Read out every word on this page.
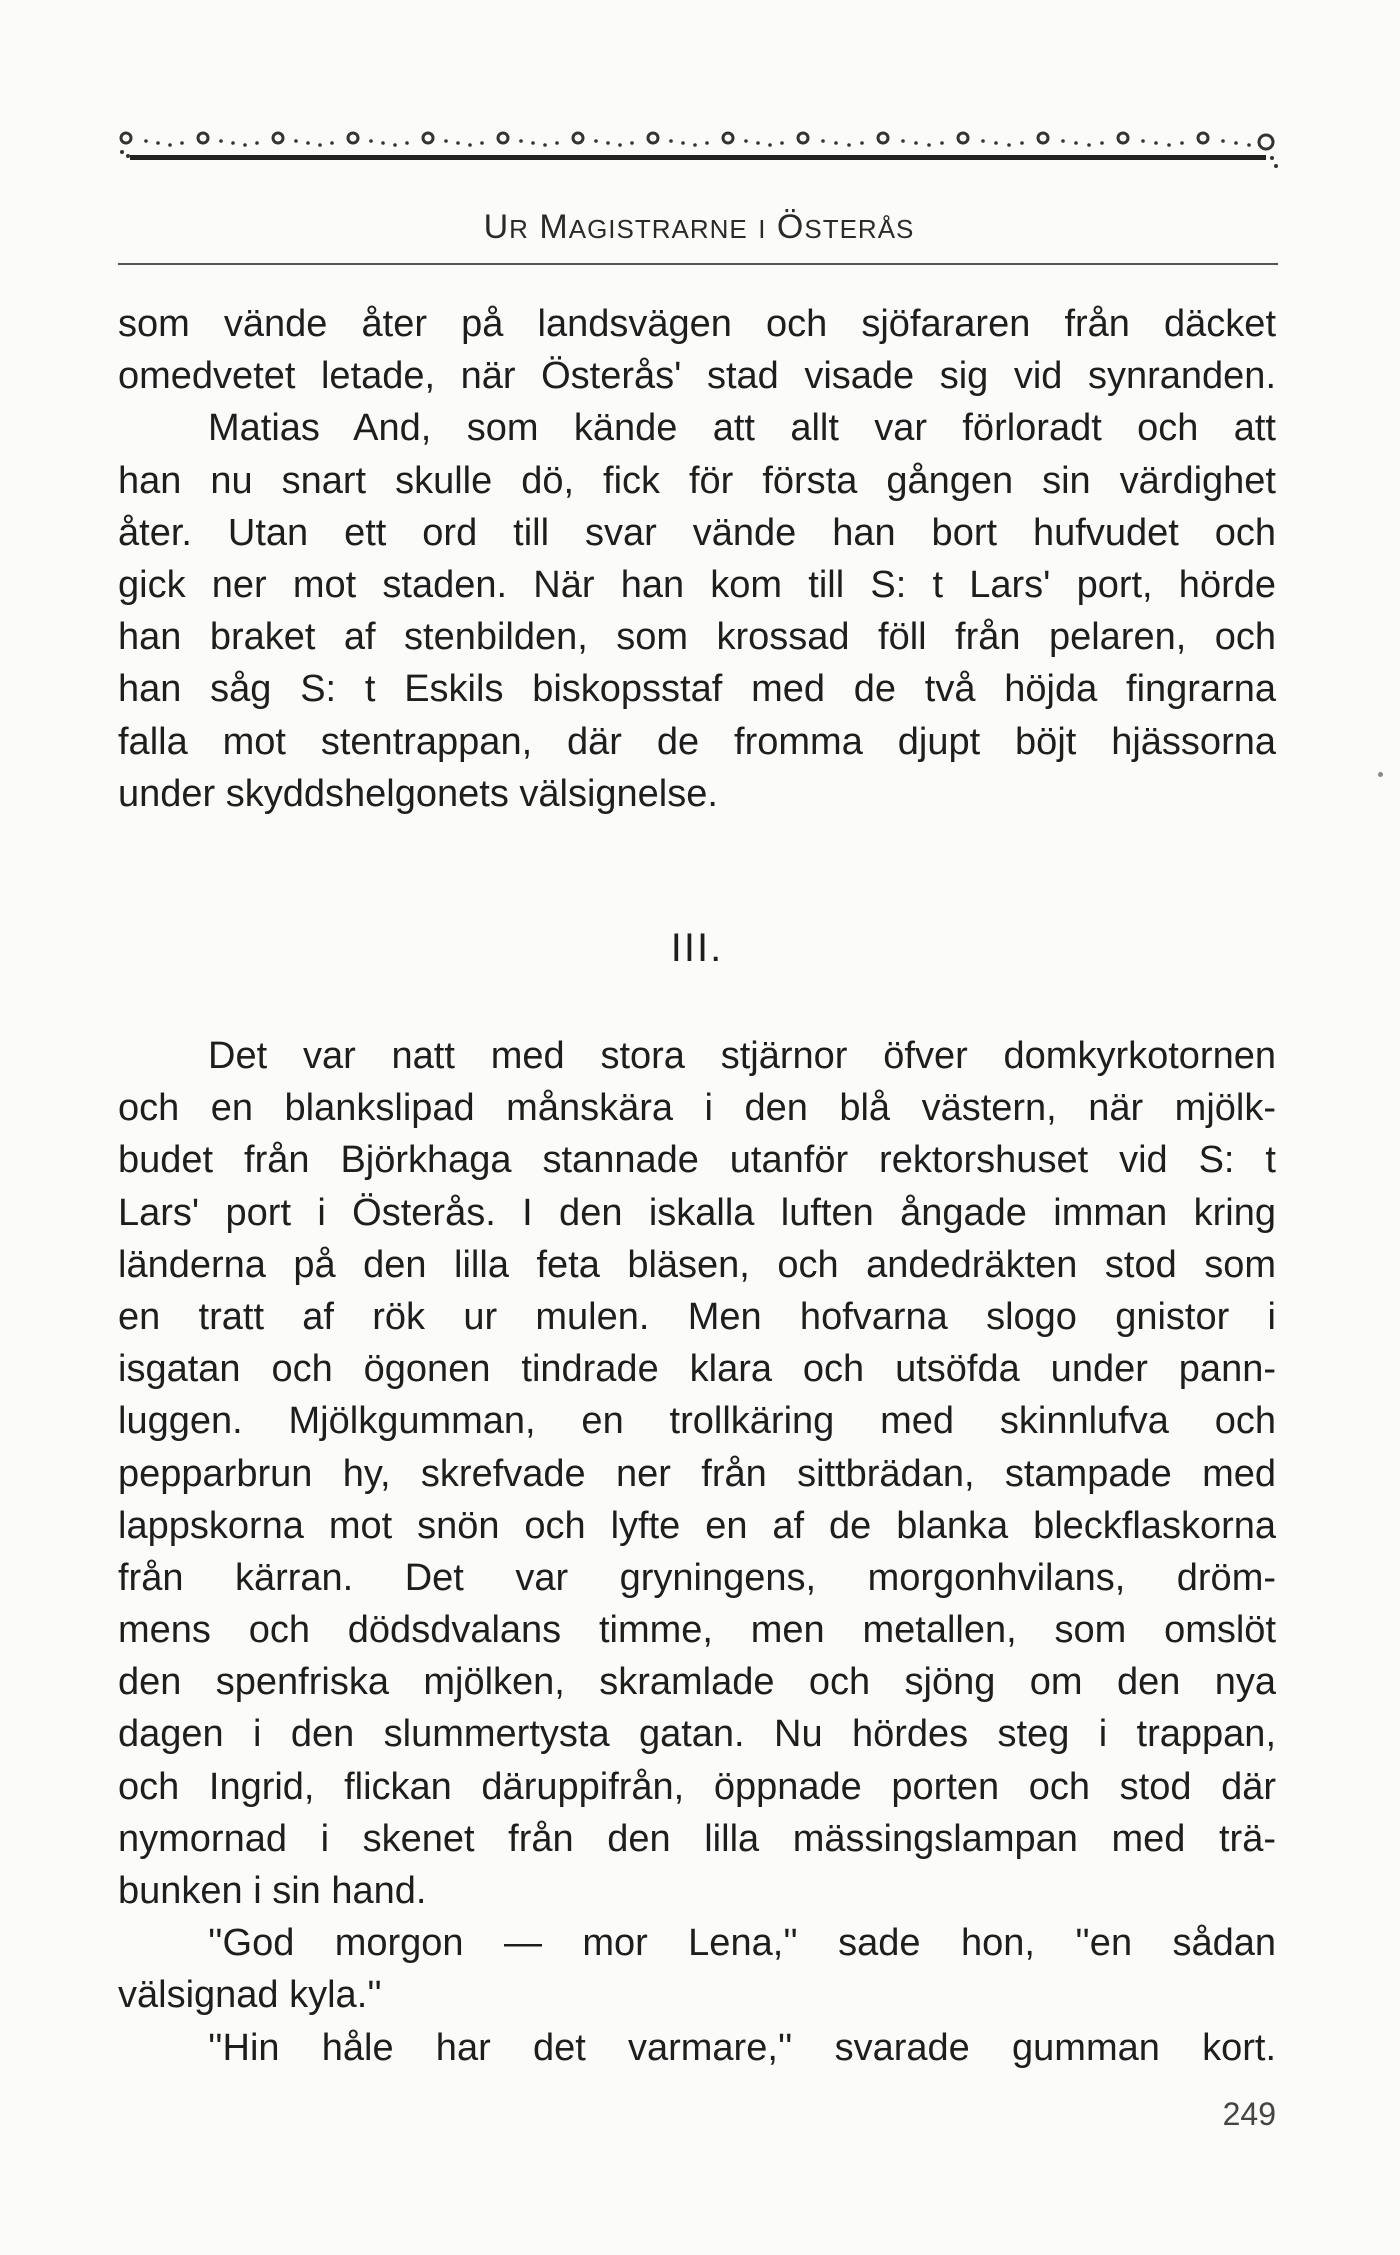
UR MAGISTRARNE I ÖSTERÅS
som vände åter på landsvägen och sjöfararen från däcket
omedvetet letade, när Österås' stad visade sig vid synranden.
Matias And, som kände att allt var förloradt och att
han nu snart skulle dö, fick för första gången sin värdighet
åter. Utan ett ord till svar vände han bort hufvudet och
gick ner mot staden. När han kom till S: t Lars' port, hörde
han braket af stenbilden, som krossad föll från pelaren, och
han såg S: t Eskils biskopsstaf med de två höjda fingrarna
falla mot stentrappan, där de fromma djupt böjt hjässorna
under skyddshelgonets välsignelse.
III.
Det var natt med stora stjärnor öfver domkyrkotornen
och en blankslipad månskära i den blå västern, när mjölk-
budet från Björkhaga stannade utanför rektorshuset vid S: t
Lars' port i Österås. I den iskalla luften ångade imman kring
länderna på den lilla feta bläsen, och andedräkten stod som
en tratt af rök ur mulen. Men hofvarna slogo gnistor i
isgatan och ögonen tindrade klara och utsöfda under pann-
luggen. Mjölkgumman, en trollkäring med skinnlufva och
pepparbrun hy, skrefvade ner från sittbrädan, stampade med
lappskorna mot snön och lyfte en af de blanka bleckflaskorna
från kärran. Det var gryningens, morgonhvilans, dröm-
mens och dödsdvalans timme, men metallen, som omslöt
den spenfriska mjölken, skramlade och sjöng om den nya
dagen i den slummertysta gatan. Nu hördes steg i trappan,
och Ingrid, flickan däruppifrån, öppnade porten och stod där
nymornad i skenet från den lilla mässingslampan med trä-
bunken i sin hand.
''God morgon — mor Lena,'' sade hon, ''en sådan
välsignad kyla.''
''Hin håle har det varmare,'' svarade gumman kort.
249
